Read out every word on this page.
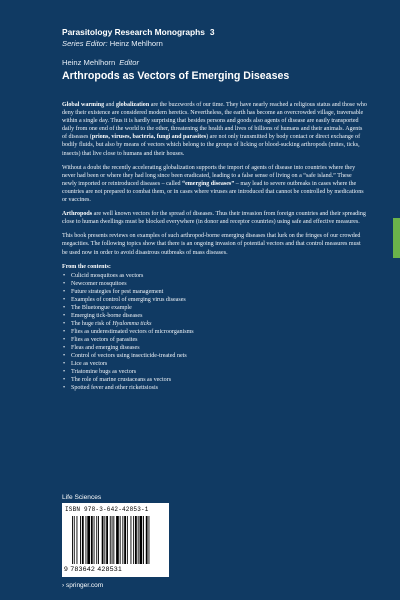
Parasitology Research Monographs 3
Series Editor: Heinz Mehlhorn
Heinz Mehlhorn Editor
Arthropods as Vectors of Emerging Diseases

Global warming and globalization are the buzzwords of our time. They have nearly reached a religious status and those who deny their existence are considered modern heretics. Nevertheless, the earth has become an overcrowded village, traversable within a single day. Thus it is hardly surprising that besides persons and goods also agents of disease are easily transported daily from one end of the world to the other, threatening the health and lives of billions of humans and their animals. Agents of diseases (prions, viruses, bacteria, fungi and parasites) are not only transmitted by body contact or direct exchange of bodily fluids, but also by means of vectors which belong to the groups of licking or blood-sucking arthropods (mites, ticks, insects) that live close to humans and their houses.

Without a doubt the recently accelerating globalization supports the import of agents of disease into countries where they never had been or where they had long since been eradicated, leading to a false sense of living on a “safe island.” These newly imported or reintroduced diseases – called “emerging diseases” – may lead to severe outbreaks in cases where the countries are not prepared to combat them, or in cases where viruses are introduced that cannot be controlled by medications or vaccines.

Arthropods are well known vectors for the spread of diseases. Thus their invasion from foreign countries and their spreading close to human dwellings must be blocked everywhere (in donor and receptor countries) using safe and effective measures.

This book presents reviews on examples of such arthropod-borne emerging diseases that lurk on the fringes of our crowded megacities. The following topics show that there is an ongoing invasion of potential vectors and that control measures must be used now in order to avoid disastrous outbreaks of mass diseases.

From the contents:
• Culicid mosquitoes as vectors
• Newcomer mosquitoes
• Future strategies for pest management
• Examples of control of emerging virus diseases
• The Bluetongue example
• Emerging tick-borne diseases
• The huge risk of Hyalomma ticks
• Flies as underestimated vectors of microorganisms
• Flies as vectors of parasites
• Fleas and emerging diseases
• Control of vectors using insecticide-treated nets
• Lice as vectors
• Triatomine bugs as vectors
• The role of marine crustaceans as vectors
• Spotted fever and other rickettsiosis
Life Sciences
ISBN 978-3-642-42853-1
9 783642 428531
› springer.com
